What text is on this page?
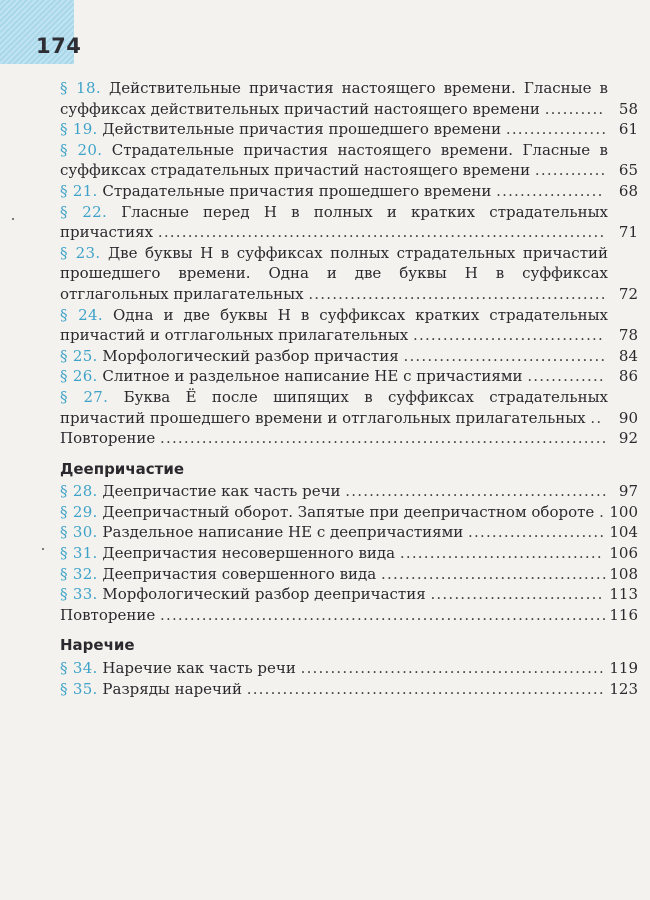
174
§ 18. Действительные причастия настоящего времени. Гласные в суффиксах действительных причастий настоящего времени .......... 58
§ 19. Действительные причастия прошедшего времени ................. 61
§ 20. Страдательные причастия настоящего времени. Гласные в суффиксах страдательных причастий настоящего времени ............ 65
§ 21. Страдательные причастия прошедшего времени ..................	68
§ 22. Гласные перед Н в полных и кратких страдательных причастиях ........................................................................... 71
§ 23. Две буквы Н в суффиксах полных страдательных причастий прошедшего времени. Одна и две буквы Н в суффиксах отглагольных прилагательных .................................................. 72
§ 24. Одна и две буквы Н в суффиксах кратких страдательных причастий и отглагольных прилагательных ................................ 78
§ 25. Морфологический разбор причастия .................................. 84
§ 26. Слитное и раздельное написание НЕ с причастиями ............. 86
§ 27. Буква Ё после шипящих в суффиксах страдательных причастий прошедшего времени и отглагольных прилагательных ..	90
Повторение ........................................................................... 92
Деепричастие
§ 28. Деепричастие как часть речи ............................................ 97
§ 29. Деепричастный оборот. Запятые при деепричастном обороте . 100
§ 30. Раздельное написание НЕ с деепричастиями ....................... 104
§ 31. Деепричастия несовершенного вида .................................. 106
§ 32. Деепричастия совершенного вида ...................................... 108
§ 33. Морфологический разбор деепричастия ............................. 113
Повторение ........................................................................... 116
Наречие
§ 34. Наречие как часть речи ................................................... 119
§ 35. Разряды наречий ............................................................ 123
